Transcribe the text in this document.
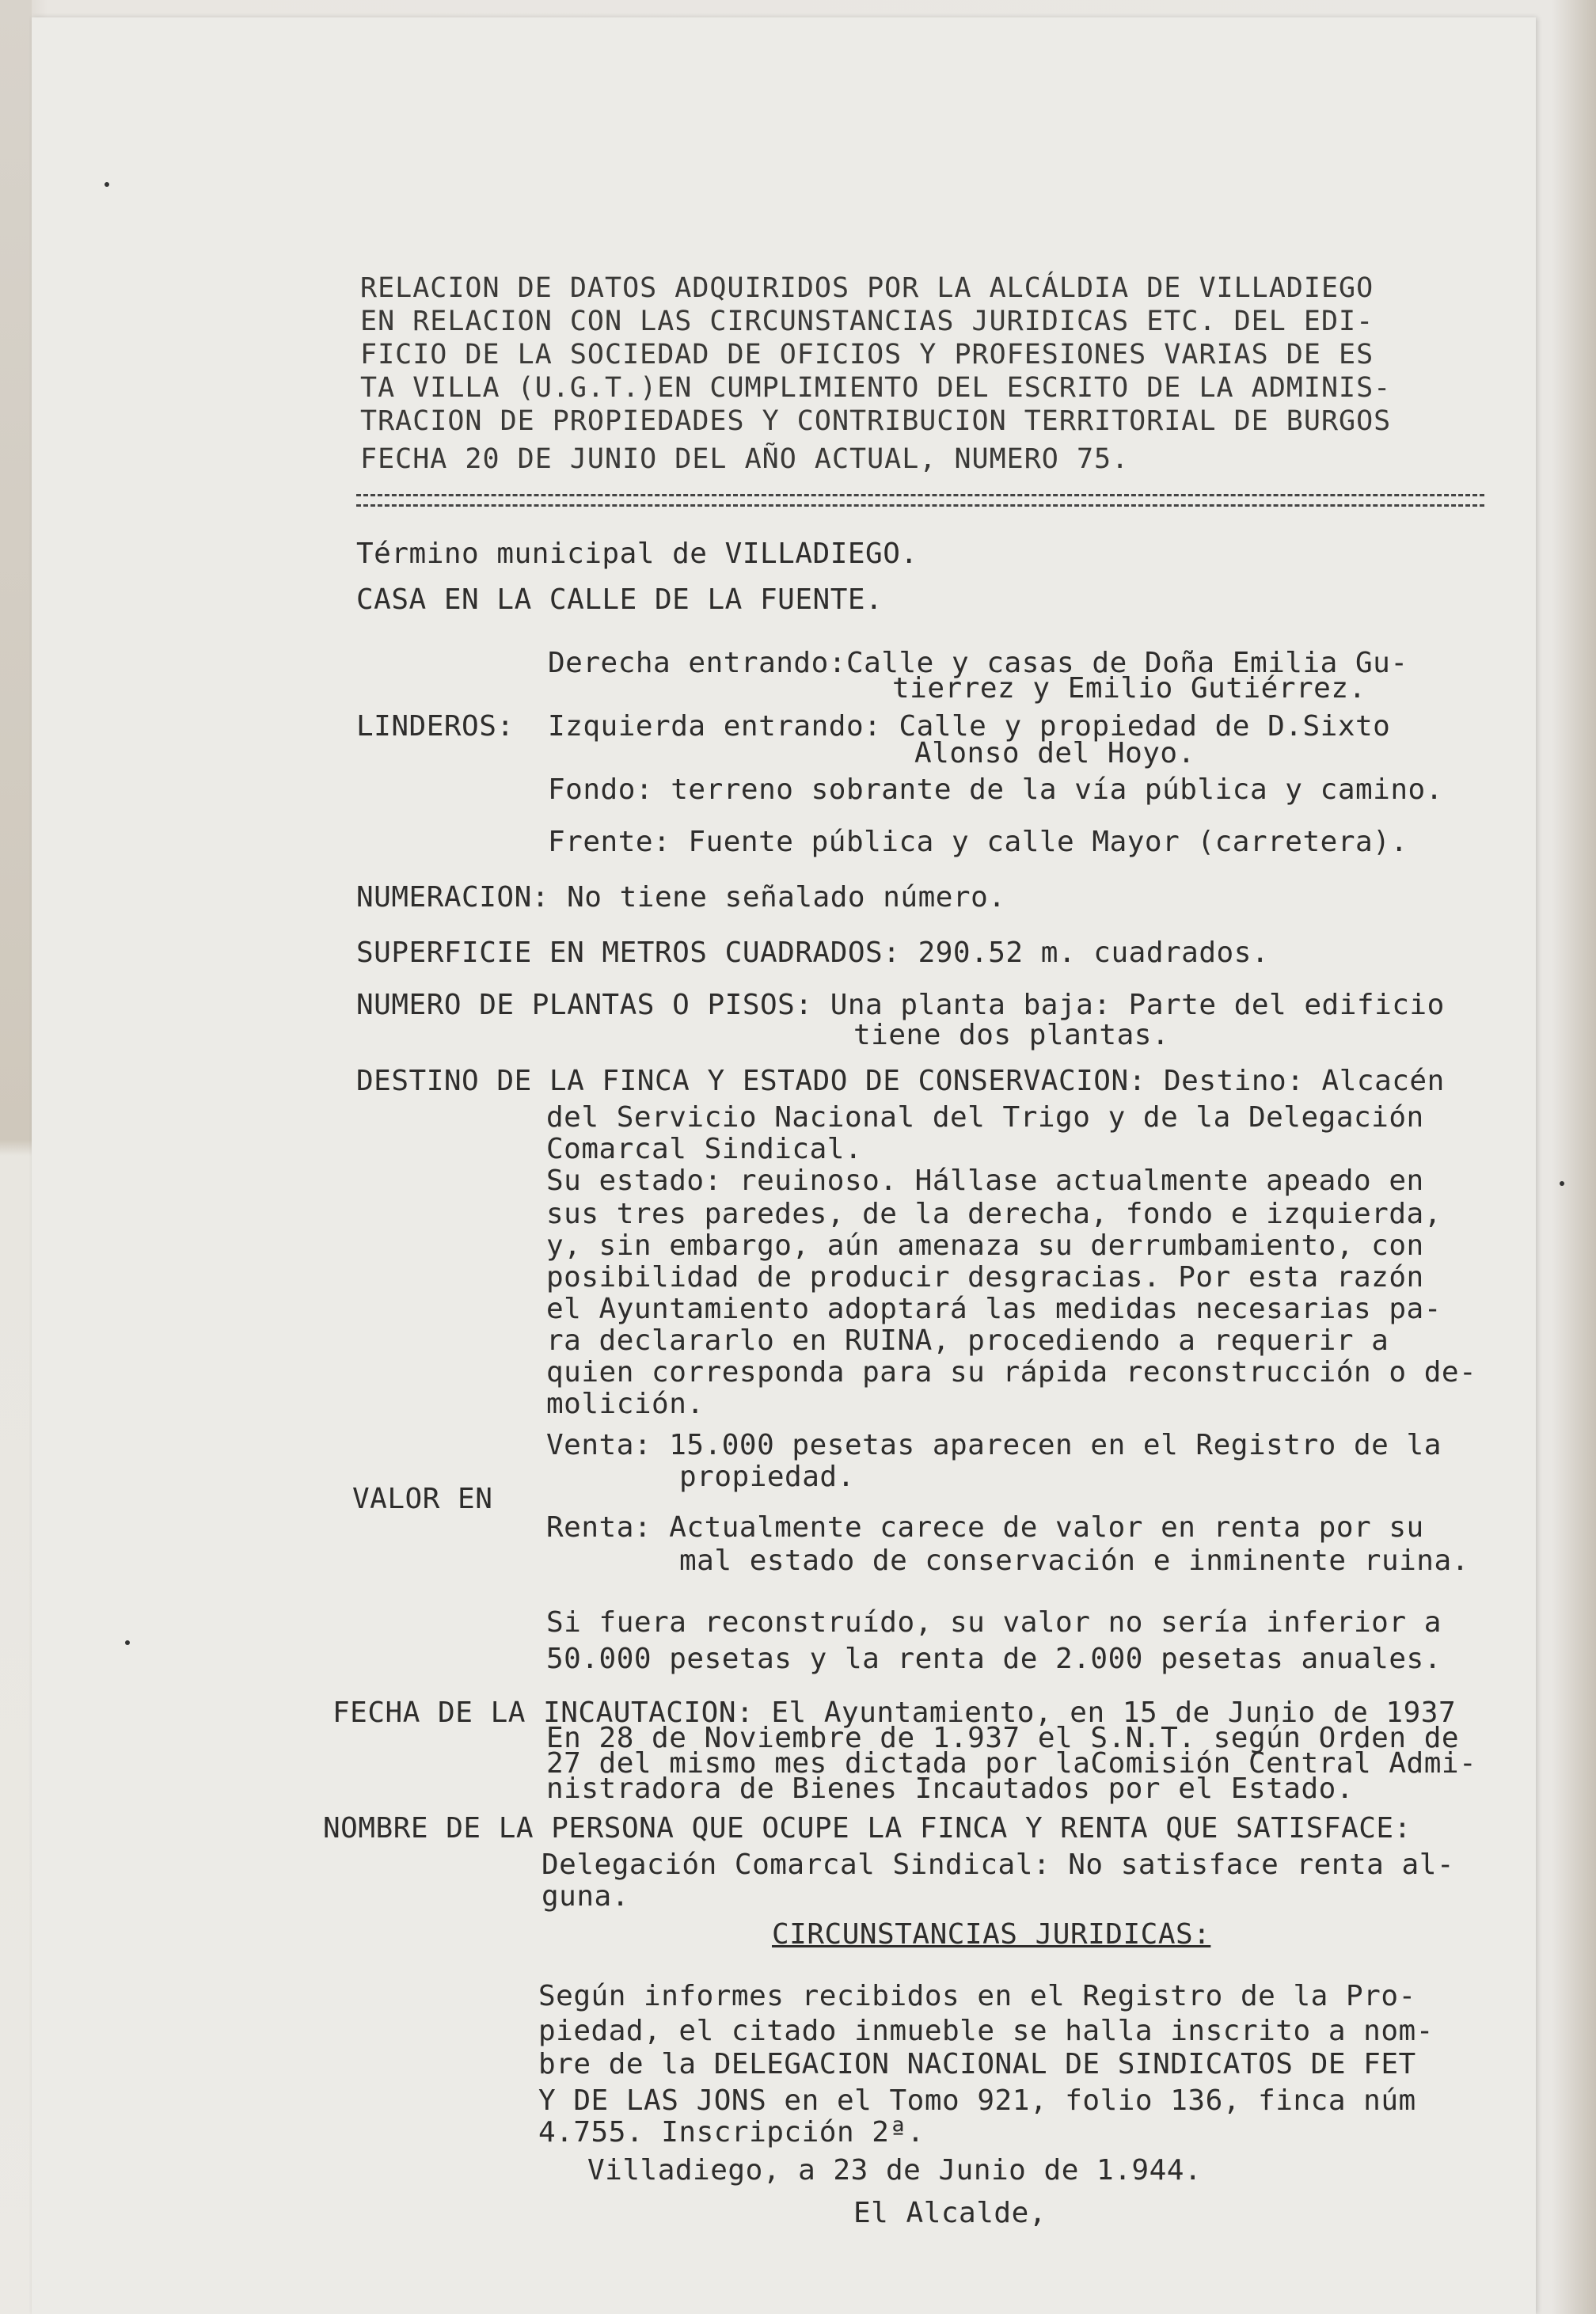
RELACION DE DATOS ADQUIRIDOS POR LA ALCÁLDIA DE VILLADIEGO
EN RELACION CON LAS CIRCUNSTANCIAS JURIDICAS ETC. DEL EDI-
FICIO DE LA SOCIEDAD DE OFICIOS Y PROFESIONES VARIAS DE ES
TA VILLA (U.G.T.)EN CUMPLIMIENTO DEL ESCRITO DE LA ADMINIS-
TRACION DE PROPIEDADES Y CONTRIBUCION TERRITORIAL DE BURGOS
FECHA 20 DE JUNIO DEL AÑO ACTUAL, NUMERO 75.
Término municipal de VILLADIEGO.
CASA EN LA CALLE DE LA FUENTE.
Derecha entrando:Calle y casas de Doña Emilia Gu-
tierrez y Emilio Gutiérrez.
LINDEROS: Izquierda entrando: Calle y propiedad de D.Sixto
Alonso del Hoyo.
Fondo: terreno sobrante de la vía pública y camino.
Frente: Fuente pública y calle Mayor (carretera).
NUMERACION: No tiene señalado número.
SUPERFICIE EN METROS CUADRADOS: 290.52 m. cuadrados.
NUMERO DE PLANTAS O PISOS: Una planta baja: Parte del edificio
tiene dos plantas.
DESTINO DE LA FINCA Y ESTADO DE CONSERVACION: Destino: Alcacén
del Servicio Nacional del Trigo y de la Delegación
Comarcal Sindical.
Su estado: reuinoso. Hállase actualmente apeado en
sus tres paredes, de la derecha, fondo e izquierda,
y, sin embargo, aún amenaza su derrumbamiento, con
posibilidad de producir desgracias. Por esta razón
el Ayuntamiento adoptará las medidas necesarias pa-
ra declararlo en RUINA, procediendo a requerir a
quien corresponda para su rápida reconstrucción o de-
molición.
Venta: 15.000 pesetas aparecen en el Registro de la
propiedad.
VALOR EN
Renta: Actualmente carece de valor en renta por su
mal estado de conservación e inminente ruina.
Si fuera reconstruído, su valor no sería inferior a
50.000 pesetas y la renta de 2.000 pesetas anuales.
FECHA DE LA INCAUTACION: El Ayuntamiento, en 15 de Junio de 1937
En 28 de Noviembre de 1.937 el S.N.T. según Orden de
27 del mismo mes dictada por laComisión Central Admi-
nistradora de Bienes Incautados por el Estado.
NOMBRE DE LA PERSONA QUE OCUPE LA FINCA Y RENTA QUE SATISFACE:
Delegación Comarcal Sindical: No satisface renta al-
guna.
CIRCUNSTANCIAS JURIDICAS:
Según informes recibidos en el Registro de la Pro-
piedad, el citado inmueble se halla inscrito a nom-
bre de la DELEGACION NACIONAL DE SINDICATOS DE FET
Y DE LAS JONS en el Tomo 921, folio 136, finca núm
4.755. Inscripción 2ª.
Villadiego, a 23 de Junio de 1.944.
El Alcalde,
